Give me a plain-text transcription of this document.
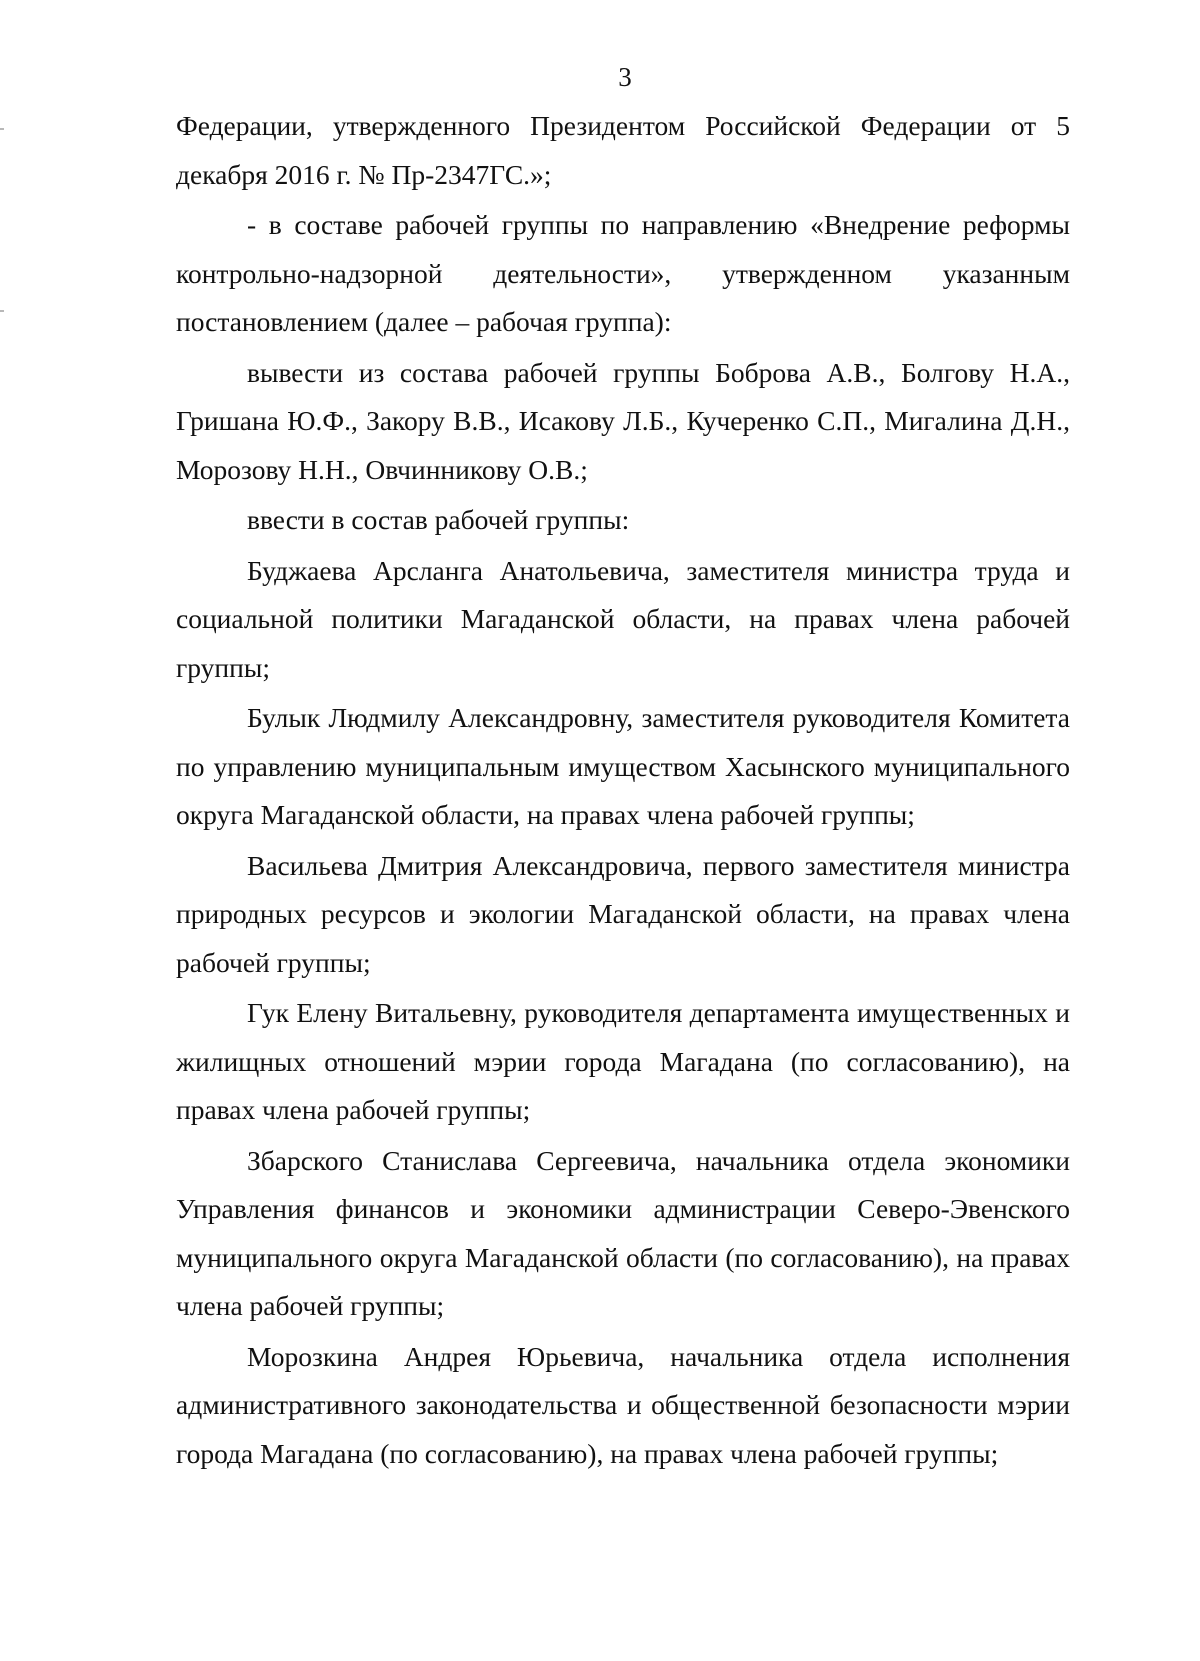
3

Федерации, утвержденного Президентом Российской Федерации от 5 декабря 2016 г. № Пр-2347ГС.»;

- в составе рабочей группы по направлению «Внедрение реформы контрольно-надзорной деятельности», утвержденном указанным постановлением (далее – рабочая группа):

вывести из состава рабочей группы Боброва А.В., Болгову Н.А., Гришана Ю.Ф., Закору В.В., Исакову Л.Б., Кучеренко С.П., Мигалина Д.Н., Морозову Н.Н., Овчинникову О.В.;

ввести в состав рабочей группы:

Буджаева Арсланга Анатольевича, заместителя министра труда и социальной политики Магаданской области, на правах члена рабочей группы;

Булык Людмилу Александровну, заместителя руководителя Комитета по управлению муниципальным имуществом Хасынского муниципального округа Магаданской области, на правах члена рабочей группы;

Васильева Дмитрия Александровича, первого заместителя министра природных ресурсов и экологии Магаданской области, на правах члена рабочей группы;

Гук Елену Витальевну, руководителя департамента имущественных и жилищных отношений мэрии города Магадана (по согласованию), на правах члена рабочей группы;

Збарского Станислава Сергеевича, начальника отдела экономики Управления финансов и экономики администрации Северо-Эвенского муниципального округа Магаданской области (по согласованию), на правах члена рабочей группы;

Морозкина Андрея Юрьевича, начальника отдела исполнения административного законодательства и общественной безопасности мэрии города Магадана (по согласованию), на правах члена рабочей группы;
